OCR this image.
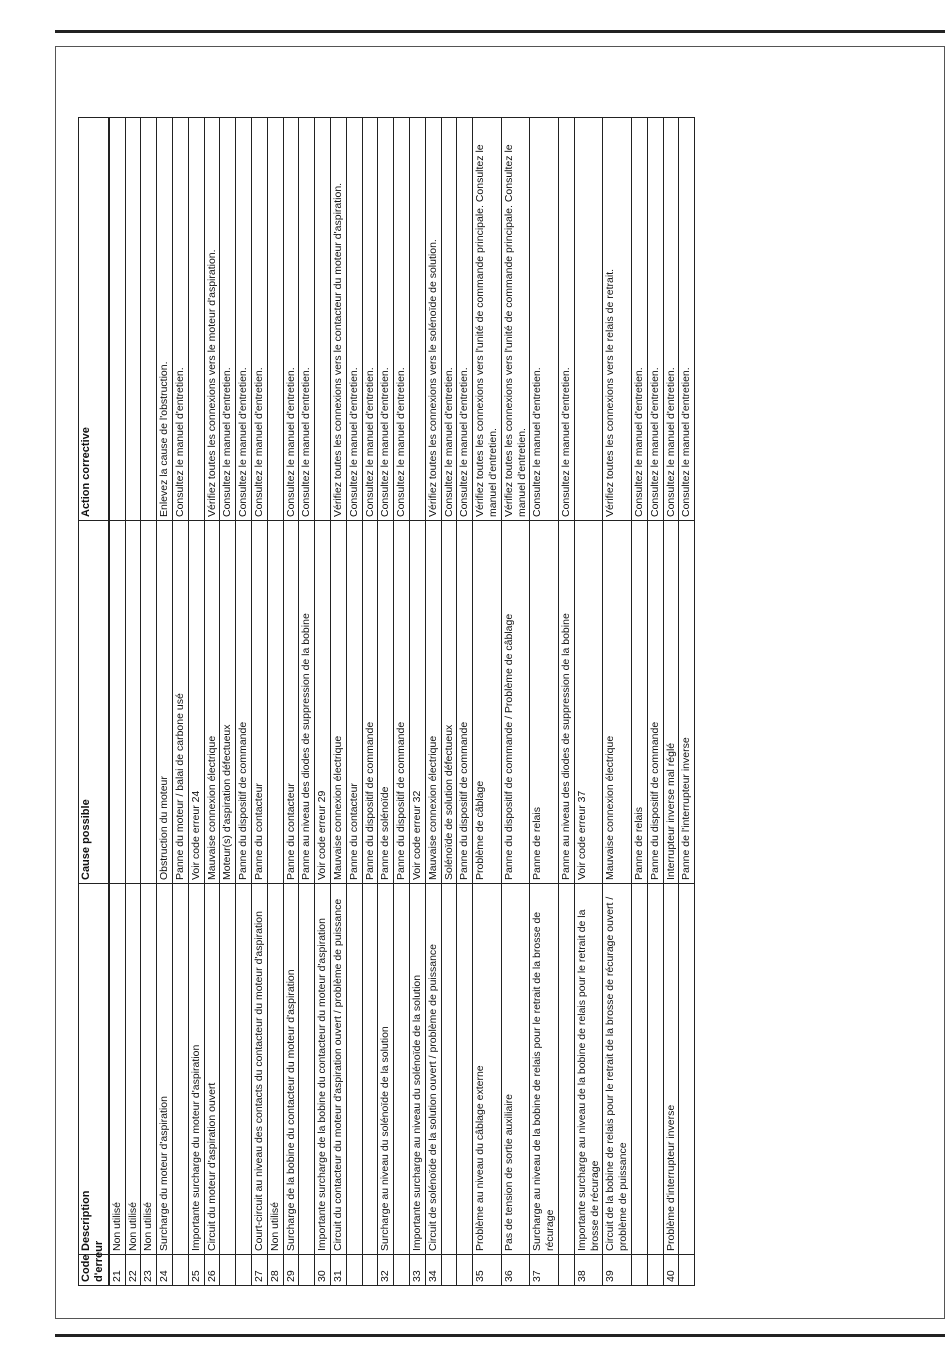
Code d'erreur	Description	Cause possible	Action corrective
21	Non utilisé		
22	Non utilisé		
23	Non utilisé		
24	Surcharge du moteur d'aspiration	Obstruction du moteur	Enlevez la cause de l'obstruction.
		Panne du moteur / balai de carbone usé	Consultez le manuel d'entretien.
25	Importante surcharge du moteur d'aspiration	Voir code erreur 24	
26	Circuit du moteur d'aspiration ouvert	Mauvaise connexion électrique	Vérifiez toutes les connexions vers le moteur d'aspiration.
		Moteur(s) d'aspiration défectueux	Consultez le manuel d'entretien.
		Panne du dispositif de commande	Consultez le manuel d'entretien.
27	Court-circuit au niveau des contacts du contacteur du moteur d'aspiration	Panne du contacteur	Consultez le manuel d'entretien.
28	Non utilisé		
29	Surcharge de la bobine du contacteur du moteur d'aspiration	Panne du contacteur	Consultez le manuel d'entretien.
		Panne au niveau des diodes de suppression de la bobine	Consultez le manuel d'entretien.
30	Importante surcharge de la bobine du contacteur du moteur d'aspiration	Voir code erreur 29	
31	Circuit du contacteur du moteur d'aspiration ouvert / problème de puissance	Mauvaise connexion électrique	Vérifiez toutes les connexions vers le contacteur du moteur d'aspiration.
		Panne du contacteur	Consultez le manuel d'entretien.
		Panne du dispositif de commande	Consultez le manuel d'entretien.
32	Surcharge au niveau du solénoïde de la solution	Panne de solénoïde	Consultez le manuel d'entretien.
		Panne du dispositif de commande	Consultez le manuel d'entretien.
33	Importante surcharge au niveau du solénoïde de la solution	Voir code erreur 32	
34	Circuit de solénoïde de la solution ouvert / problème de puissance	Mauvaise connexion électrique	Vérifiez toutes les connexions vers le solénoïde de solution.
		Solénoïde de solution défectueux	Consultez le manuel d'entretien.
		Panne du dispositif de commande	Consultez le manuel d'entretien.
35	Problème au niveau du câblage externe	Problème de câblage	Vérifiez toutes les connexions vers l'unité de commande principale. Consultez le manuel d'entretien.
36	Pas de tension de sortie auxiliaire	Panne du dispositif de commande / Problème de câblage	Vérifiez toutes les connexions vers l'unité de commande principale. Consultez le manuel d'entretien.
37	Surcharge au niveau de la bobine de relais pour le retrait de la brosse de récurage	Panne de relais	Consultez le manuel d'entretien.
		Panne au niveau des diodes de suppression de la bobine	Consultez le manuel d'entretien.
38	Importante surcharge au niveau de la bobine de relais pour le retrait de la brosse de récurage	Voir code erreur 37	
39	Circuit de la bobine de relais pour le retrait de la brosse de récurage ouvert / problème de puissance	Mauvaise connexion électrique	Vérifiez toutes les connexions vers le relais de retrait.
		Panne de relais	Consultez le manuel d'entretien.
		Panne du dispositif de commande	Consultez le manuel d'entretien.
40	Problème d'interrupteur inverse	Interrupteur inverse mal réglé	Consultez le manuel d'entretien.
		Panne de l'interrupteur inverse	Consultez le manuel d'entretien.
